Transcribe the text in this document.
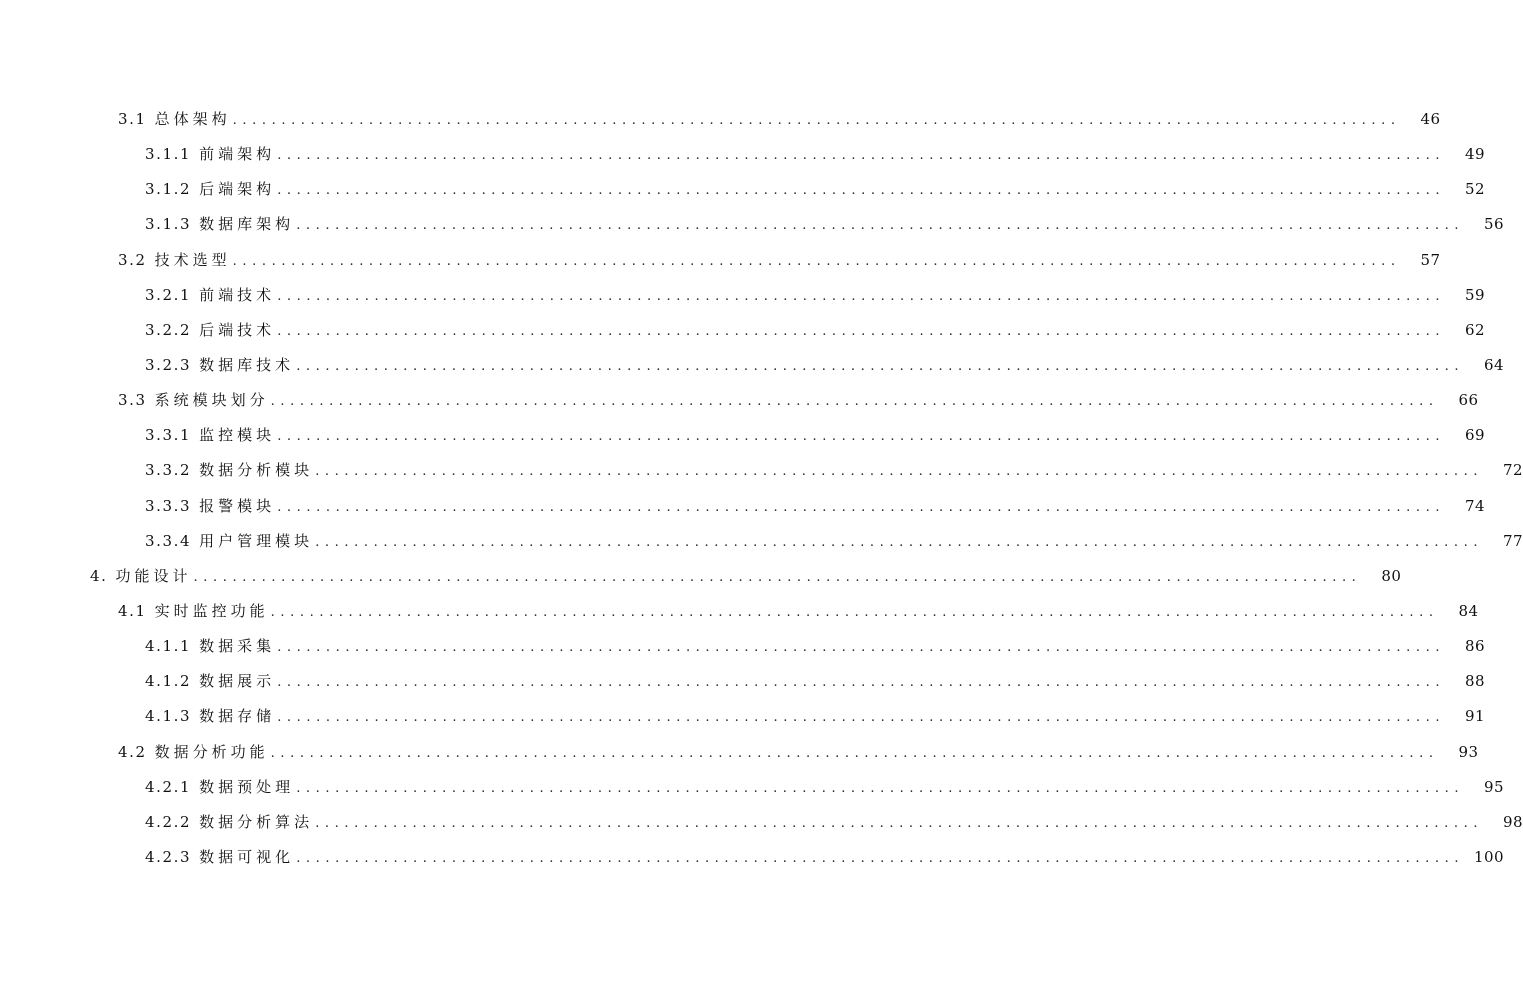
3.1 总体架构 ........................................................................................................................	46
3.1.1 前端架构 ........................................................................................................................	49
3.1.2 后端架构 ........................................................................................................................	52
3.1.3 数据库架构 ........................................................................................................................	56
3.2 技术选型 ........................................................................................................................	57
3.2.1 前端技术 ........................................................................................................................	59
3.2.2 后端技术 ........................................................................................................................	62
3.2.3 数据库技术 ........................................................................................................................	64
3.3 系统模块划分 ........................................................................................................................	66
3.3.1 监控模块 ........................................................................................................................	69
3.3.2 数据分析模块 ........................................................................................................................	72
3.3.3 报警模块 ........................................................................................................................	74
3.3.4 用户管理模块 ........................................................................................................................	77
4. 功能设计 ........................................................................................................................	80
4.1 实时监控功能 ........................................................................................................................	84
4.1.1 数据采集 ........................................................................................................................	86
4.1.2 数据展示 ........................................................................................................................	88
4.1.3 数据存储 ........................................................................................................................	91
4.2 数据分析功能 ........................................................................................................................	93
4.2.1 数据预处理 ........................................................................................................................	95
4.2.2 数据分析算法 ........................................................................................................................	98
4.2.3 数据可视化 ........................................................................................................................ 100
